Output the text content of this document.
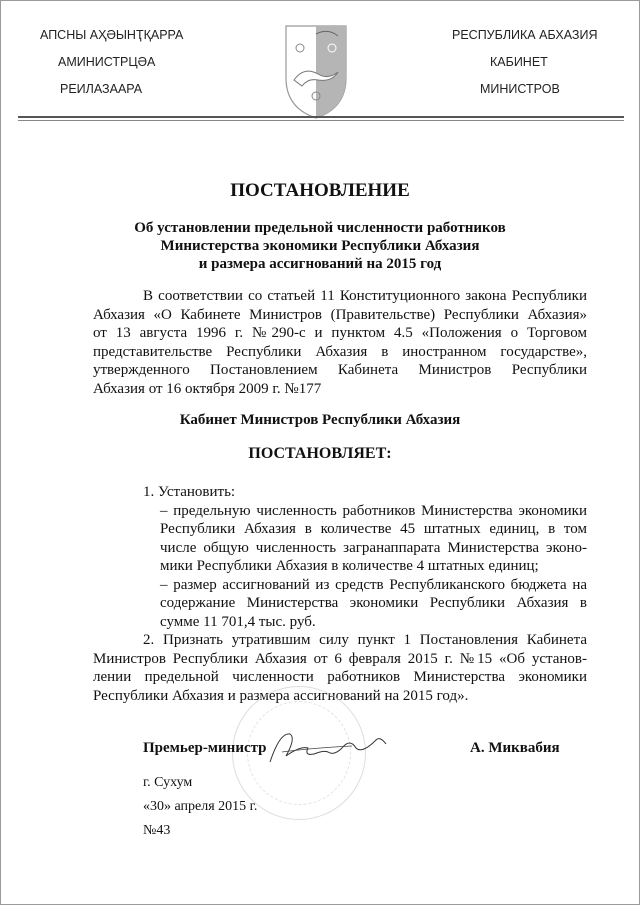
АПСНЫ АҲӘЫНҬҚАРРА
АМИНИСТРЦӘА
РЕИЛАЗААРА
РЕСПУБЛИКА АБХАЗИЯ
КАБИНЕТ
МИНИСТРОВ
ПОСТАНОВЛЕНИЕ
Об установлении предельной численности работников
Министерства экономики Республики Абхазия
и размера ассигнований на 2015 год
В соответствии со статьей 11 Конституционного закона Республики
Абхазия «О Кабинете Министров (Правительстве) Республики Абхазия»
от 13 августа 1996 г. №290-с и пунктом 4.5 «Положения о Торговом
представительстве Республики Абхазия в иностранном государстве»,
утвержденного Постановлением Кабинета Министров Республики
Абхазия от 16 октября 2009 г. №177
Кабинет Министров Республики Абхазия
ПОСТАНОВЛЯЕТ:
1. Установить:
– предельную численность работников Министерства экономики
Республики Абхазия в количестве 45 штатных единиц, в том
числе общую численность загранаппарата Министерства эконо-
мики Республики Абхазия в количестве 4 штатных единиц;
– размер ассигнований из средств Республиканского бюджета на
содержание Министерства экономики Республики Абхазия в
сумме 11 701,4 тыс. руб.
2. Признать утратившим силу пункт 1 Постановления Кабинета
Министров Республики Абхазия от 6 февраля 2015 г. №15 «Об установ-
лении предельной численности работников Министерства экономики
Республики Абхазия и размера ассигнований на 2015 год».
Премьер-министр	А. Миквабия
г. Сухум
«30» апреля 2015 г.
№43
